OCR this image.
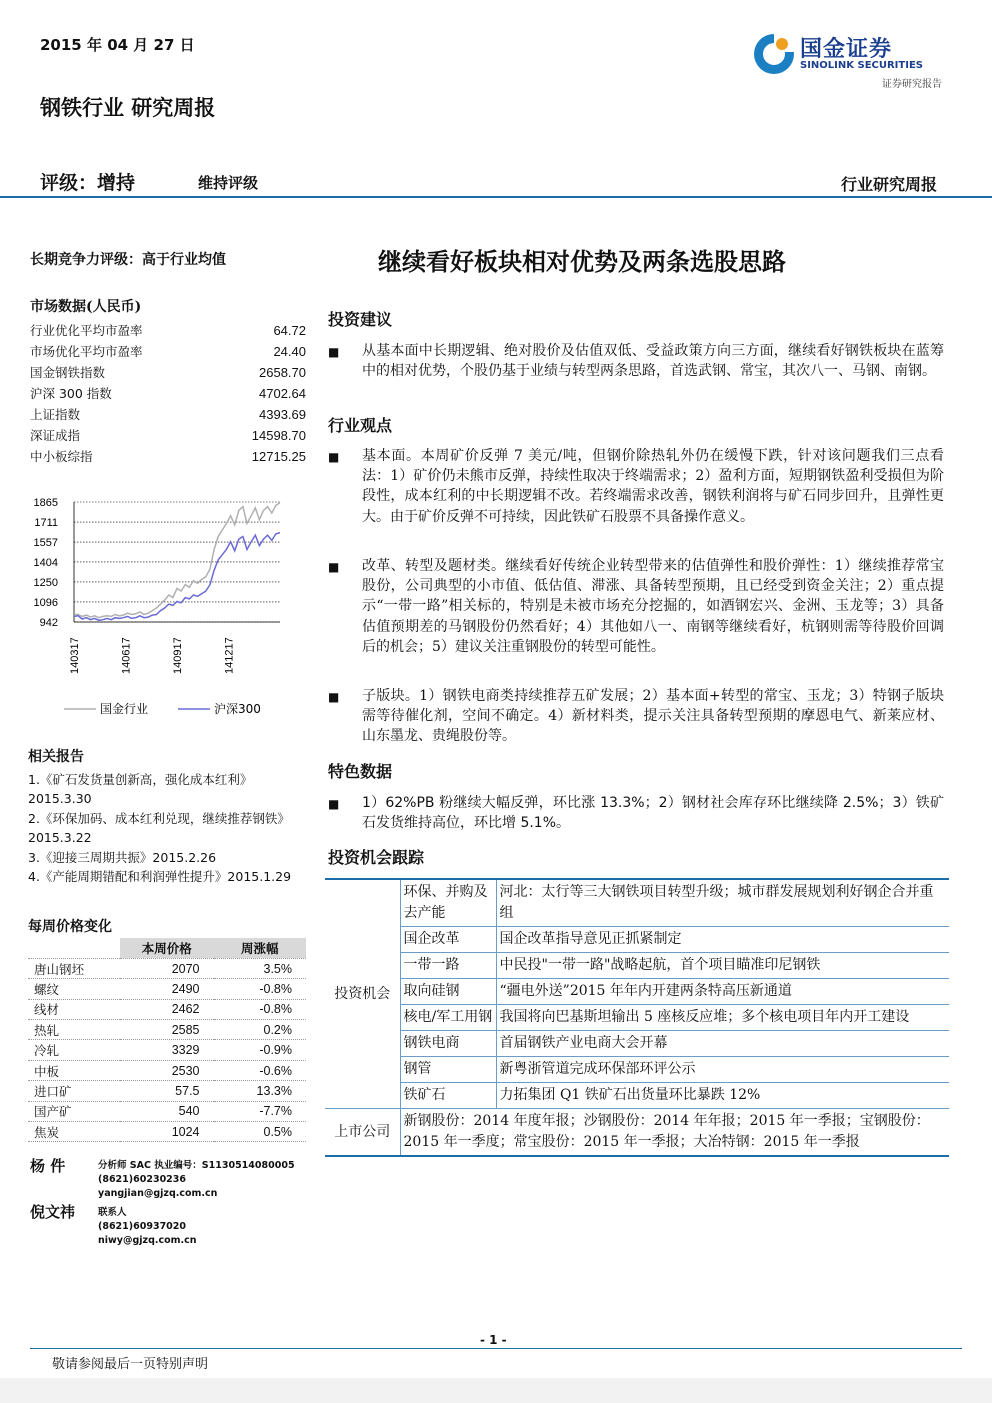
2015 年 04 月 27 日	国金证券
SINOLINK SECURITIES
证券研究报告
钢铁行业 研究周报
评级：增持	维持评级	行业研究周报
长期竞争力评级：高于行业均值	继续看好板块相对优势及两条选股思路
市场数据(人民币)
行业优化平均市盈率	64.72
市场优化平均市盈率	24.40
国金钢铁指数	2658.70
沪深 300 指数	4702.64
上证指数	4393.69
深证成指	14598.70
中小板综指	12715.25
1865
1711
1557
1404
1250
1096
942
140317	140617	140917	141217
国金行业	沪深300
相关报告
1.《矿石发货量创新高，强化成本红利》2015.3.30
2.《环保加码、成本红利兑现，继续推荐钢铁》2015.3.22
3.《迎接三周期共振》2015.2.26
4.《产能周期错配和利润弹性提升》2015.1.29
每周价格变化
	本周价格	周涨幅
唐山钢坯	2070	3.5%
螺纹	2490	-0.8%
线材	2462	-0.8%
热轧	2585	0.2%
冷轧	3329	-0.9%
中板	2530	-0.6%
进口矿	57.5	13.3%
国产矿	540	-7.7%
焦炭	1024	0.5%
杨 件	分析师 SAC 执业编号：S1130514080005
(8621)60230236
yangjian@gjzq.com.cn
倪文祎 联系人
(8621)60937020
niwy@gjzq.com.cn
投资建议
■ 从基本面中长期逻辑、绝对股价及估值双低、受益政策方向三方面，继续看好钢铁板块在蓝筹中的相对优势，个股仍基于业绩与转型两条思路，首选武钢、常宝，其次八一、马钢、南钢。
行业观点
■ 基本面。本周矿价反弹 7 美元/吨，但钢价除热轧外仍在缓慢下跌，针对该问题我们三点看法：1）矿价仍未熊市反弹，持续性取决于终端需求；2）盈利方面，短期钢铁盈利受损但为阶段性，成本红利的中长期逻辑不改。若终端需求改善，钢铁利润将与矿石同步回升，且弹性更大。由于矿价反弹不可持续，因此铁矿石股票不具备操作意义。
■ 改革、转型及题材类。继续看好传统企业转型带来的估值弹性和股价弹性：1）继续推荐常宝股份，公司典型的小市值、低估值、滞涨、具备转型预期，且已经受到资金关注；2）重点提示“一带一路”相关标的，特别是未被市场充分挖掘的，如酒钢宏兴、金洲、玉龙等；3）具备估值预期差的马钢股份仍然看好；4）其他如八一、南钢等继续看好，杭钢则需等待股价回调后的机会；5）建议关注重钢股份的转型可能性。
■ 子版块。1）钢铁电商类持续推荐五矿发展；2）基本面+转型的常宝、玉龙；3）特钢子版块需等待催化剂，空间不确定。4）新材料类，提示关注具备转型预期的摩恩电气、新莱应材、山东墨龙、贵绳股份等。
特色数据
■ 1）62%PB 粉继续大幅反弹，环比涨 13.3%；2）钢材社会库存环比继续降 2.5%；3）铁矿石发货维持高位，环比增 5.1%。
投资机会跟踪
投资机会	环保、并购及去产能	河北：太行等三大钢铁项目转型升级；城市群发展规划利好钢企合并重组
	国企改革	国企改革指导意见正抓紧制定
	一带一路	中民投"一带一路"战略起航，首个项目瞄准印尼钢铁
	取向硅钢	“疆电外送”2015 年年内开建两条特高压新通道
	核电/军工用钢	我国将向巴基斯坦输出 5 座核反应堆；多个核电项目年内开工建设
	钢铁电商	首届钢铁产业电商大会开幕
	钢管	新粤浙管道完成环保部环评公示
	铁矿石	力拓集团 Q1 铁矿石出货量环比暴跌 12%
上市公司	新钢股份：2014 年度年报；沙钢股份：2014 年年报；2015 年一季报；宝钢股份：2015 年一季度；常宝股份：2015 年一季报；大冶特钢：2015 年一季报	
- 1 -
敬请参阅最后一页特别声明
